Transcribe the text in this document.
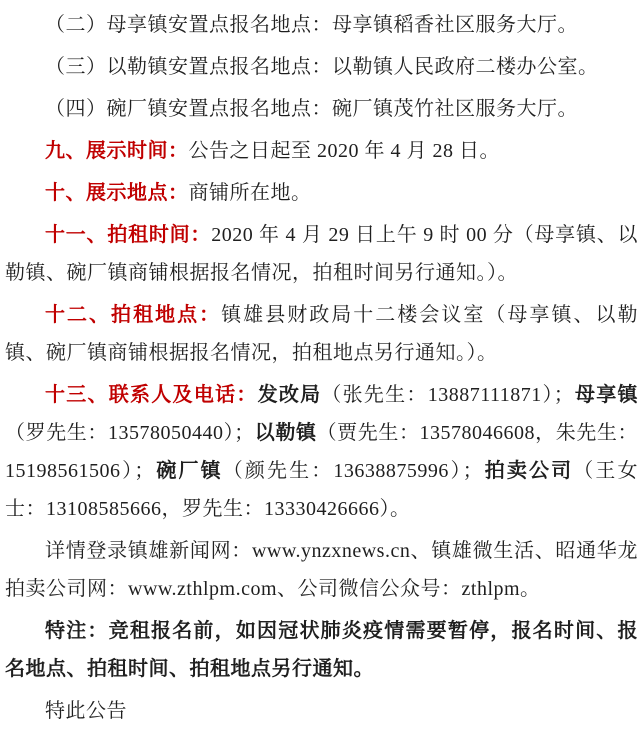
（二）母享镇安置点报名地点：母享镇稻香社区服务大厅。

（三）以勒镇安置点报名地点：以勒镇人民政府二楼办公室。

（四）碗厂镇安置点报名地点：碗厂镇茂竹社区服务大厅。

九、展示时间：公告之日起至 2020 年 4 月 28 日。

十、展示地点：商铺所在地。

十一、拍租时间：2020 年 4 月 29 日上午 9 时 00 分（母享镇、以勒镇、碗厂镇商铺根据报名情况，拍租时间另行通知。）。

十二、拍租地点：镇雄县财政局十二楼会议室（母享镇、以勒镇、碗厂镇商铺根据报名情况，拍租地点另行通知。）。

十三、联系人及电话：发改局（张先生：13887111871）；母享镇（罗先生：13578050440）；以勒镇（贾先生：13578046608，朱先生：15198561506）；碗厂镇（颜先生：13638875996）；拍卖公司（王女士：13108585666，罗先生：13330426666）。

详情登录镇雄新闻网：www.ynzxnews.cn、镇雄微生活、昭通华龙拍卖公司网：www.zthlpm.com、公司微信公众号：zthlpm。

特注：竞租报名前，如因冠状肺炎疫情需要暂停，报名时间、报名地点、拍租时间、拍租地点另行通知。

特此公告
